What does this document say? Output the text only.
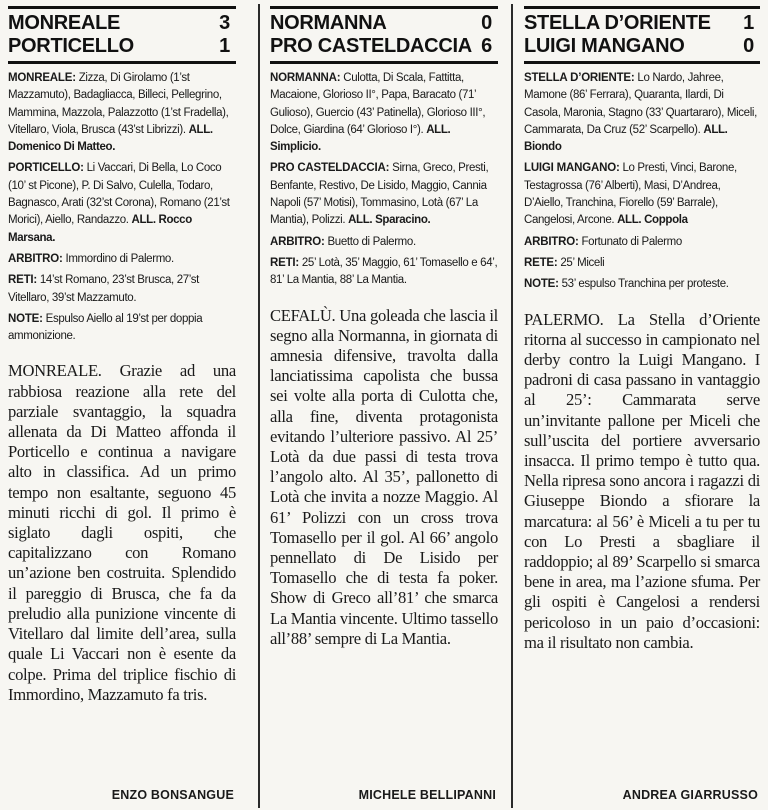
MONREALE	3
PORTICELLO	1

MONREALE: Zizza, Di Girolamo (1’st Mazzamuto), Badagliacca, Billeci, Pellegrino, Mammina, Mazzola, Palazzotto (1’st Fradella), Vitellaro, Viola, Brusca (43’st Librizzi). ALL. Domenico Di Matteo.

PORTICELLO: Li Vaccari, Di Bella, Lo Coco (10’ st Picone), P. Di Salvo, Culella, Todaro, Bagnasco, Arati (32’st Corona), Romano (21’st Morici), Aiello, Randazzo. ALL. Rocco Marsana.

ARBITRO: Immordino di Palermo.

RETI: 14’st Romano, 23’st Brusca, 27’st Vitellaro, 39’st Mazzamuto.

NOTE: Espulso Aiello al 19’st per doppia ammonizione.

MONREALE. Grazie ad una rabbiosa reazione alla rete del parziale svantaggio, la squadra allenata da Di Matteo affonda il Porticello e continua a navigare alto in classifica. Ad un primo tempo non esaltante, seguono 45 minuti ricchi di gol. Il primo è siglato dagli ospiti, che capitalizzano con Romano un’azione ben costruita. Splendido il pareggio di Brusca, che fa da preludio alla punizione vincente di Vitellaro dal limite dell’area, sulla quale Li Vaccari non è esente da colpe. Prima del triplice fischio di Immordino, Mazzamuto fa tris.

ENZO BONSANGUE
NORMANNA	0
PRO CASTELDACCIA 6

NORMANNA: Culotta, Di Scala, Fattitta, Macaione, Glorioso II°, Papa, Baracato (71’ Gulioso), Guercio (43’ Patinella), Glorioso III°, Dolce, Giardina (64’ Glorioso I°). ALL. Simplicio.

PRO CASTELDACCIA: Sirna, Greco, Presti, Benfante, Restivo, De Lisido, Maggio, Cannia Napoli (57’ Motisi), Tommasino, Lotà (67’ La Mantia), Polizzi. ALL. Sparacino.

ARBITRO: Buetto di Palermo.

RETI: 25’ Lotà, 35’ Maggio, 61’ Tomasello e 64’, 81’ La Mantia, 88’ La Mantia.

CEFALÙ. Una goleada che lascia il segno alla Normanna, in giornata di amnesia difensive, travolta dalla lanciatissima capolista che bussa sei volte alla porta di Culotta che, alla fine, diventa protagonista evitando l’ulteriore passivo. Al 25’ Lotà da due passi di testa trova l’angolo alto. Al 35’, pallonetto di Lotà che invita a nozze Maggio. Al 61’ Polizzi con un cross trova Tomasello per il gol. Al 66’ angolo pennellato di De Lisido per Tomasello che di testa fa poker. Show di Greco all’81’ che smarca La Mantia vincente. Ultimo tassello all’88’ sempre di La Mantia.

MICHELE BELLIPANNI
STELLA D’ORIENTE 1
LUIGI MANGANO	0

STELLA D’ORIENTE: Lo Nardo, Jahree, Mamone (86’ Ferrara), Quaranta, Ilardi, Di Casola, Maronia, Stagno (33’ Quartararo), Miceli, Cammarata, Da Cruz (52’ Scarpello). ALL. Biondo

LUIGI MANGANO: Lo Presti, Vinci, Barone, Testagrossa (76’ Alberti), Masi, D’Andrea, D’Aiello, Tranchina, Fiorello (59’ Barrale), Cangelosi, Arcone. ALL. Coppola

ARBITRO: Fortunato di Palermo

RETE: 25’ Miceli

NOTE: 53’ espulso Tranchina per proteste.

PALERMO. La Stella d’Oriente ritorna al successo in campionato nel derby contro la Luigi Mangano. I padroni di casa passano in vantaggio al 25’: Cammarata serve un’invitante pallone per Miceli che sull’uscita del portiere avversario insacca. Il primo tempo è tutto qua. Nella ripresa sono ancora i ragazzi di Giuseppe Biondo a sfiorare la marcatura: al 56’ è Miceli a tu per tu con Lo Presti a sbagliare il raddoppio; al 89’ Scarpello si smarca bene in area, ma l’azione sfuma. Per gli ospiti è Cangelosi a rendersi pericoloso in un paio d’occasioni: ma il risultato non cambia.

ANDREA GIARRUSSO
